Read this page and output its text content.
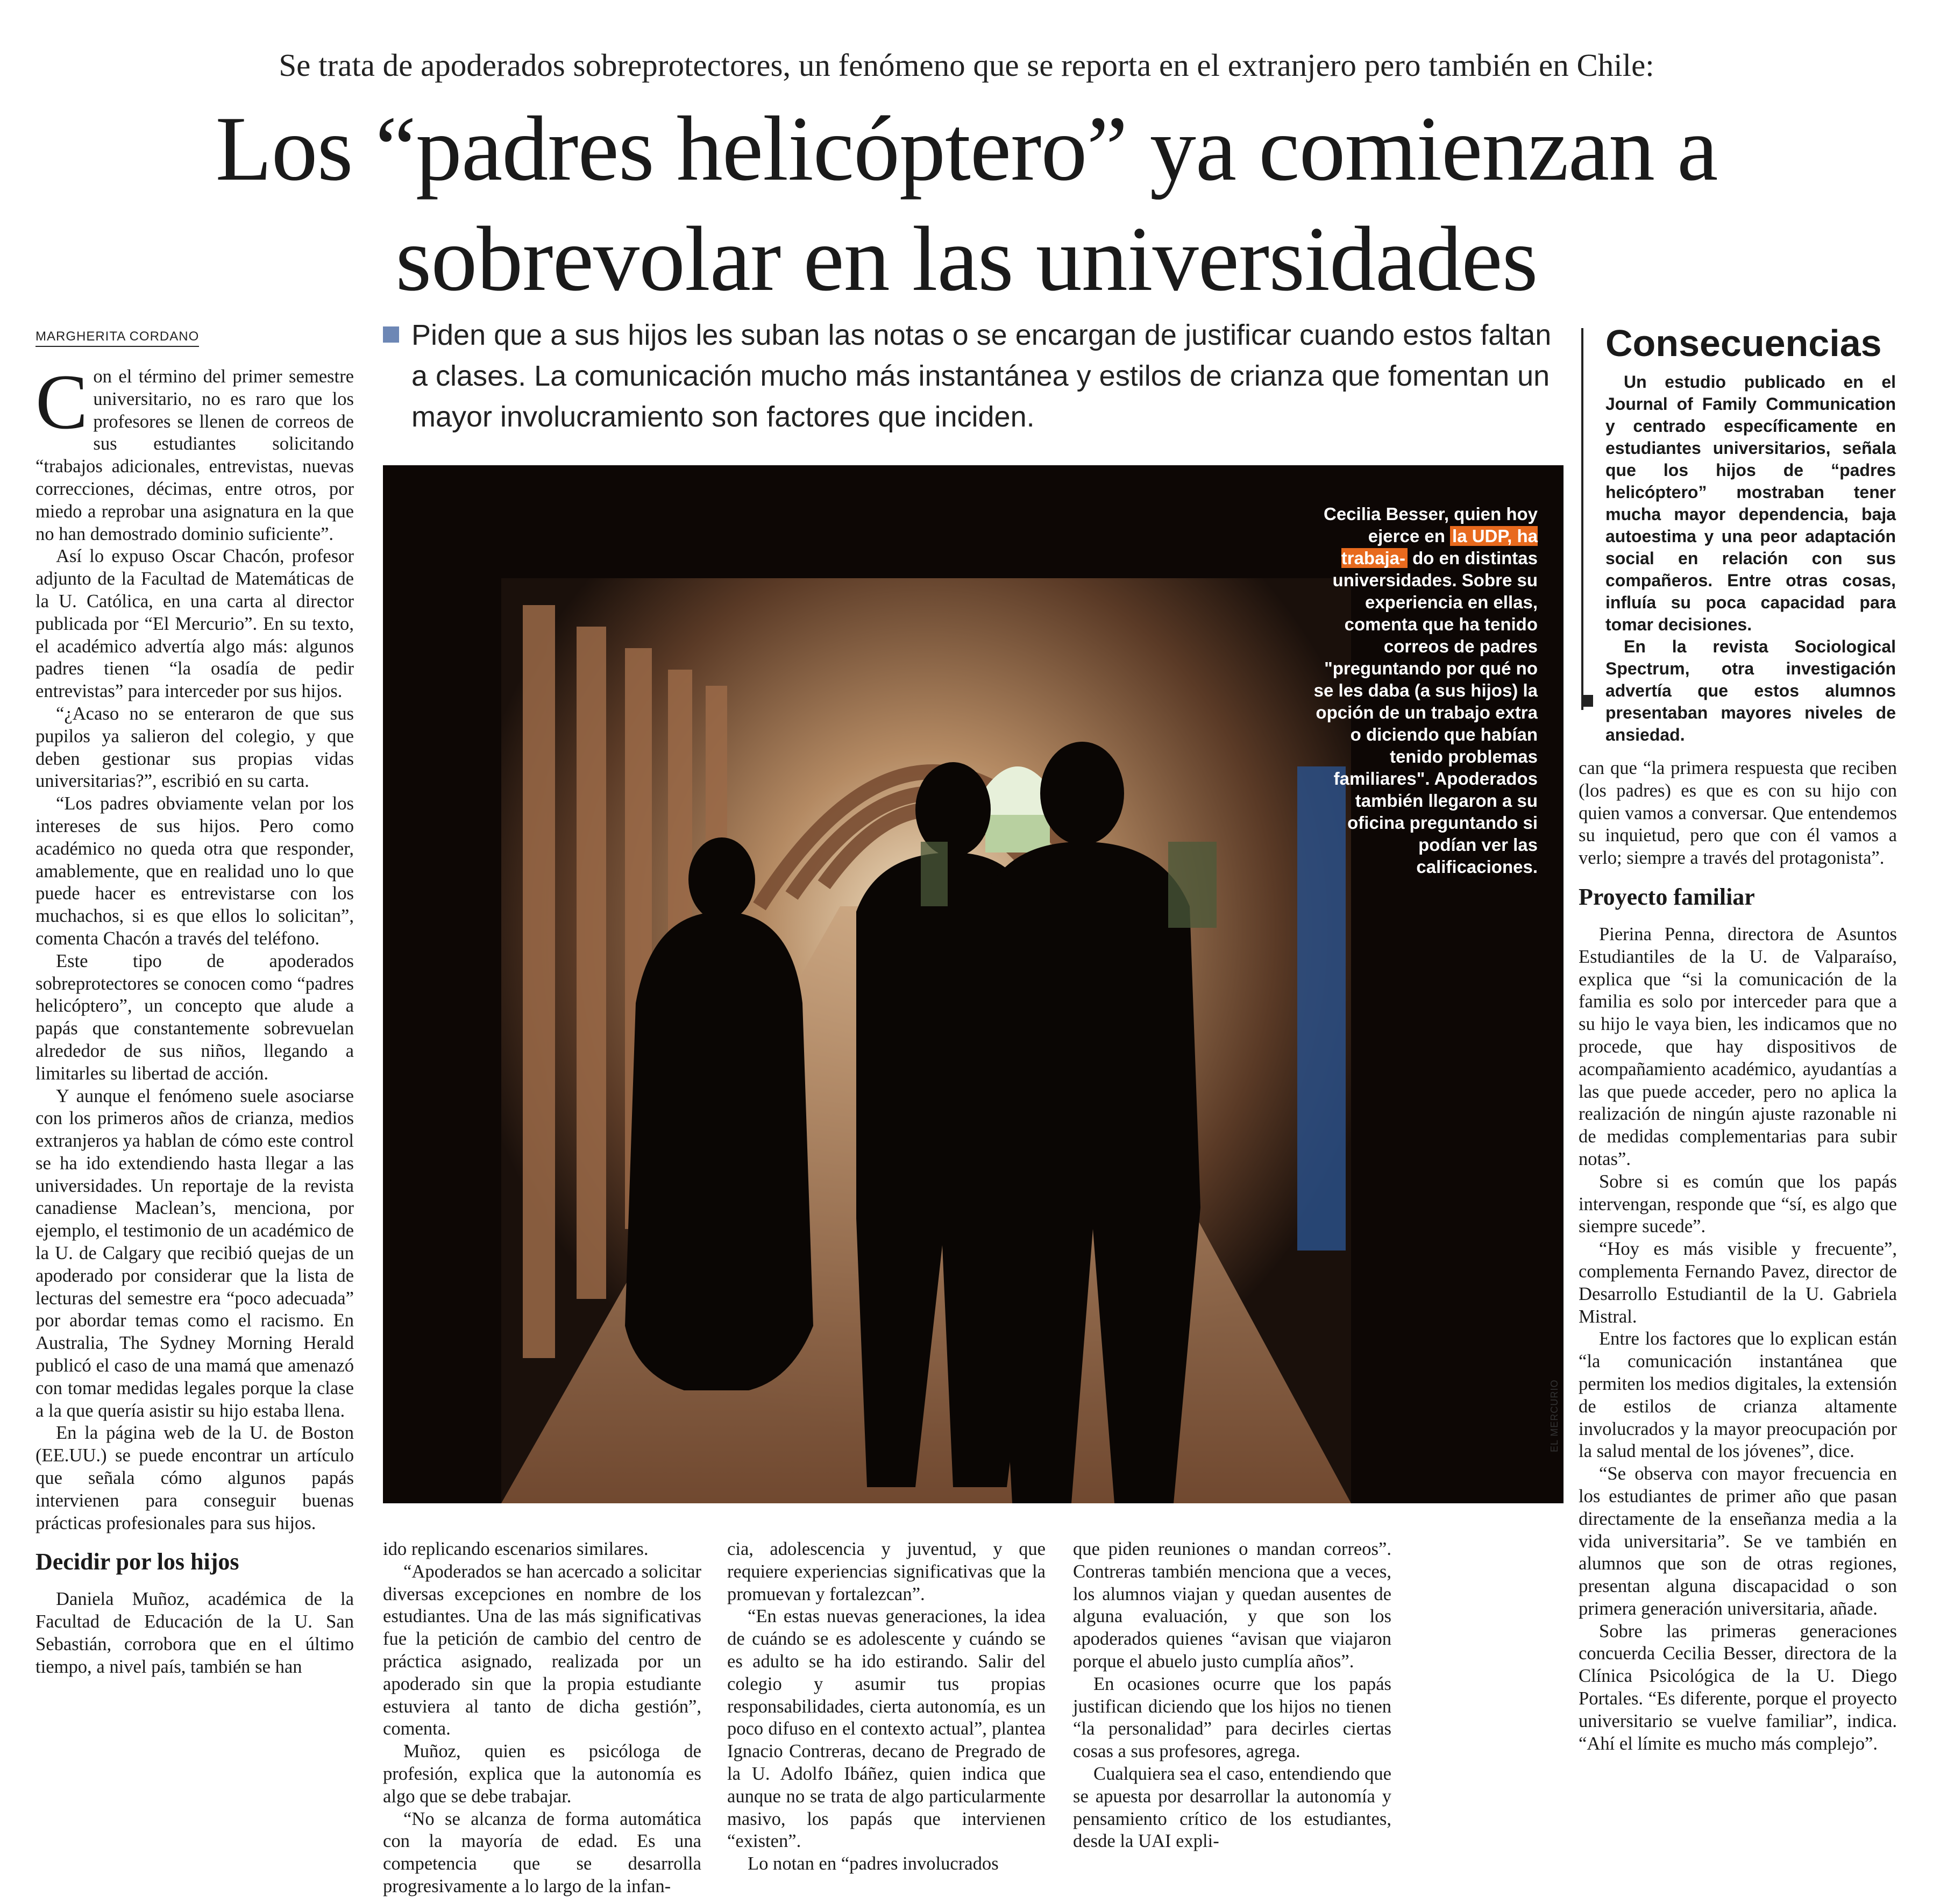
Se trata de apoderados sobreprotectores, un fenómeno que se reporta en el extranjero pero también en Chile:
Los “padres helicóptero” ya comienzan a
sobrevolar en las universidades
MARGHERITA CORDANO

Con el término del primer semestre universitario, no es raro que los profesores se llenen de correos de sus estudiantes solicitando “trabajos adicionales, entrevistas, nuevas correcciones, décimas, entre otros, por miedo a reprobar una asignatura en la que no han demostrado dominio suficiente”.

Así lo expuso Oscar Chacón, profesor adjunto de la Facultad de Matemáticas de la U. Católica, en una carta al director publicada por “El Mercurio”. En su texto, el académico advertía algo más: algunos padres tienen “la osadía de pedir entrevistas” para interceder por sus hijos.

“¿Acaso no se enteraron de que sus pupilos ya salieron del colegio, y que deben gestionar sus propias vidas universitarias?”, escribió en su carta.

“Los padres obviamente velan por los intereses de sus hijos. Pero como académico no queda otra que responder, amablemente, que en realidad uno lo que puede hacer es entrevistarse con los muchachos, si es que ellos lo solicitan”, comenta Chacón a través del teléfono.

Este tipo de apoderados sobreprotectores se conocen como “padres helicóptero”, un concepto que alude a papás que constantemente sobrevuelan alrededor de sus niños, llegando a limitarles su libertad de acción.

Y aunque el fenómeno suele asociarse con los primeros años de crianza, medios extranjeros ya hablan de cómo este control se ha ido extendiendo hasta llegar a las universidades. Un reportaje de la revista canadiense Maclean’s, menciona, por ejemplo, el testimonio de un académico de la U. de Calgary que recibió quejas de un apoderado por considerar que la lista de lecturas del semestre era “poco adecuada” por abordar temas como el racismo. En Australia, The Sydney Morning Herald publicó el caso de una mamá que amenazó con tomar medidas legales porque la clase a la que quería asistir su hijo estaba llena.

En la página web de la U. de Boston (EE.UU.) se puede encontrar un artículo que señala cómo algunos papás intervienen para conseguir buenas prácticas profesionales para sus hijos.

Decidir por los hijos

Daniela Muñoz, académica de la Facultad de Educación de la U. San Sebastián, corrobora que en el último tiempo, a nivel país, también se han

Piden que a sus hijos les suban las notas o se encargan de justificar cuando estos faltan a clases. La comunicación mucho más instantánea y estilos de crianza que fomentan un mayor involucramiento son factores que inciden.
Cecilia Besser, quien hoy ejerce en la UDP, ha trabaja- do en distintas universidades. Sobre su experiencia en ellas, comenta que ha tenido correos de padres "preguntando por qué no se les daba (a sus hijos) la opción de un trabajo extra o diciendo que habían tenido problemas familiares". Apoderados también llegaron a su oficina preguntando si podían ver las calificaciones.
EL MERCURIO

ido replicando escenarios similares.

“Apoderados se han acercado a solicitar diversas excepciones en nombre de los estudiantes. Una de las más significativas fue la petición de cambio del centro de práctica asignado, realizada por un apoderado sin que la propia estudiante estuviera al tanto de dicha gestión”, comenta.

Muñoz, quien es psicóloga de profesión, explica que la autonomía es algo que se debe trabajar.

“No se alcanza de forma automática con la mayoría de edad. Es una competencia que se desarrolla progresivamente a lo largo de la infan-

cia, adolescencia y juventud, y que requiere experiencias significativas que la promuevan y fortalezcan”.

“En estas nuevas generaciones, la idea de cuándo se es adolescente y cuándo se es adulto se ha ido estirando. Salir del colegio y asumir tus propias responsabilidades, cierta autonomía, es un poco difuso en el contexto actual”, plantea Ignacio Contreras, decano de Pregrado de la U. Adolfo Ibáñez, quien indica que aunque no se trata de algo particularmente masivo, los papás que intervienen “existen”.

Lo notan en “padres involucrados

que piden reuniones o mandan correos”. Contreras también menciona que a veces, los alumnos viajan y quedan ausentes de alguna evaluación, y que son los apoderados quienes “avisan que viajaron porque el abuelo justo cumplía años”.

En ocasiones ocurre que los papás justifican diciendo que los hijos no tienen “la personalidad” para decirles ciertas cosas a sus profesores, agrega.

Cualquiera sea el caso, entendiendo que se apuesta por desarrollar la autonomía y pensamiento crítico de los estudiantes, desde la UAI expli-

Consecuencias

Un estudio publicado en el Journal of Family Communication y centrado específicamente en estudiantes universitarios, señala que los hijos de “padres helicóptero” mostraban tener mucha mayor dependencia, baja autoestima y una peor adaptación social en relación con sus compañeros. Entre otras cosas, influía su poca capacidad para tomar decisiones.

En la revista Sociological Spectrum, otra investigación advertía que estos alumnos presentaban mayores niveles de ansiedad.

can que “la primera respuesta que reciben (los padres) es que es con su hijo con quien vamos a conversar. Que entendemos su inquietud, pero que con él vamos a verlo; siempre a través del protagonista”.

Proyecto familiar

Pierina Penna, directora de Asuntos Estudiantiles de la U. de Valparaíso, explica que “si la comunicación de la familia es solo por interceder para que a su hijo le vaya bien, les indicamos que no procede, que hay dispositivos de acompañamiento académico, ayudantías a las que puede acceder, pero no aplica la realización de ningún ajuste razonable ni de medidas complementarias para subir notas”.

Sobre si es común que los papás intervengan, responde que “sí, es algo que siempre sucede”.

“Hoy es más visible y frecuente”, complementa Fernando Pavez, director de Desarrollo Estudiantil de la U. Gabriela Mistral.

Entre los factores que lo explican están “la comunicación instantánea que permiten los medios digitales, la extensión de estilos de crianza altamente involucrados y la mayor preocupación por la salud mental de los jóvenes”, dice.

“Se observa con mayor frecuencia en los estudiantes de primer año que pasan directamente de la enseñanza media a la vida universitaria”. Se ve también en alumnos que son de otras regiones, presentan alguna discapacidad o son primera generación universitaria, añade.

Sobre las primeras generaciones concuerda Cecilia Besser, directora de la Clínica Psicológica de la U. Diego Portales. “Es diferente, porque el proyecto universitario se vuelve familiar”, indica. “Ahí el límite es mucho más complejo”.
